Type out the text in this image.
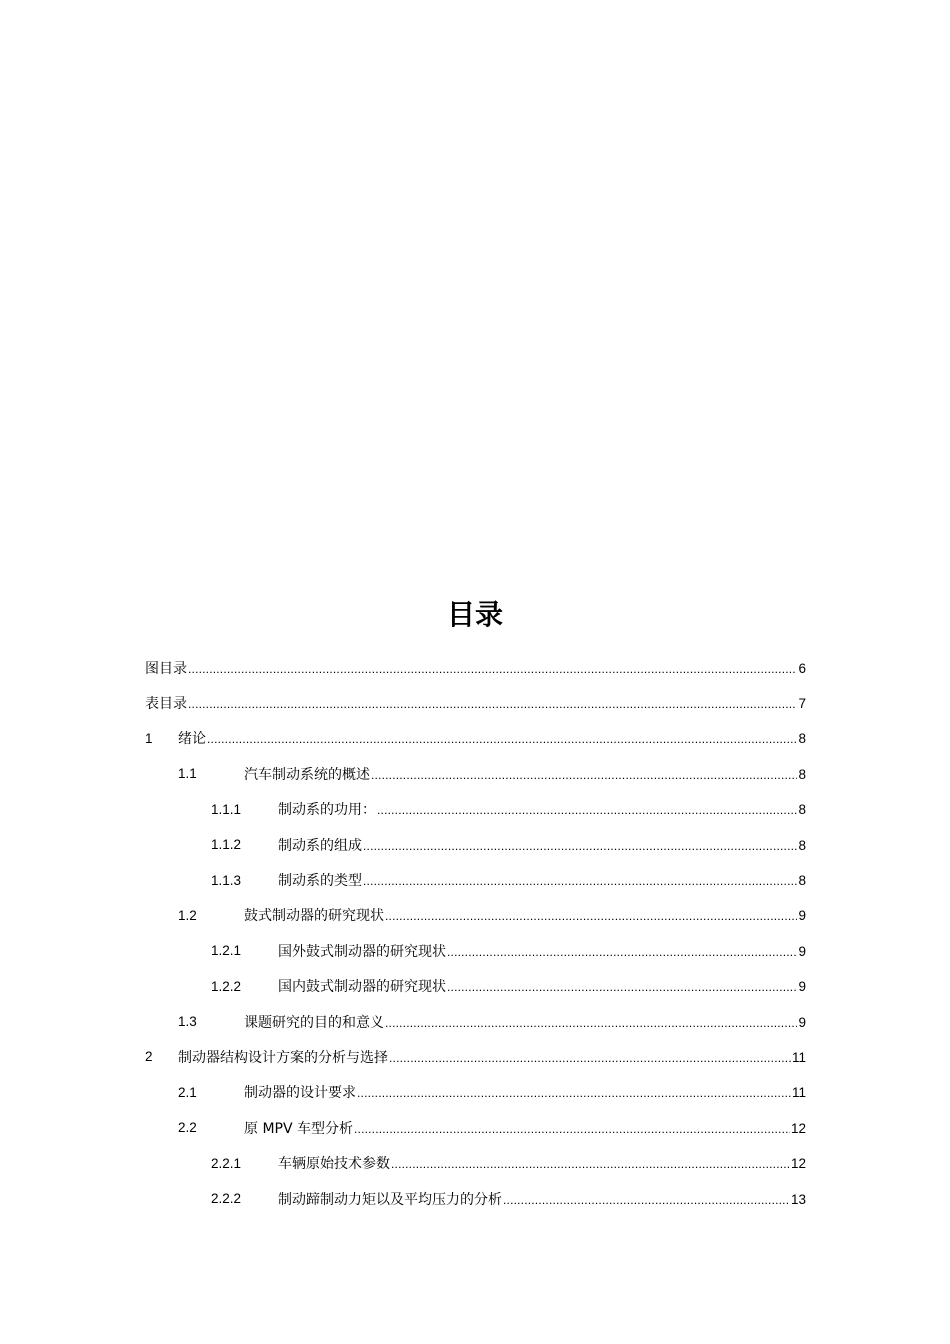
目录
图目录 .....	6
表目录 .....	7
1 绪论 .....	8
1.1	汽车制动系统的概述 .....	8
1.1.1	制动系的功用： .....	8
1.1.2	制动系的组成 .....	8
1.1.3	制动系的类型 .....	8
1.2	鼓式制动器的研究现状 .....	9
1.2.1	国外鼓式制动器的研究现状 .....	9
1.2.2	国内鼓式制动器的研究现状 .....	9
1.3	课题研究的目的和意义 .....	9
2 制动器结构设计方案的分析与选择 .....	11
2.1	制动器的设计要求 .....	11
2.2	原 MPV 车型分析 .....	12
2.2.1	车辆原始技术参数 .....	12
2.2.2	制动蹄制动力矩以及平均压力的分析 .....	13
